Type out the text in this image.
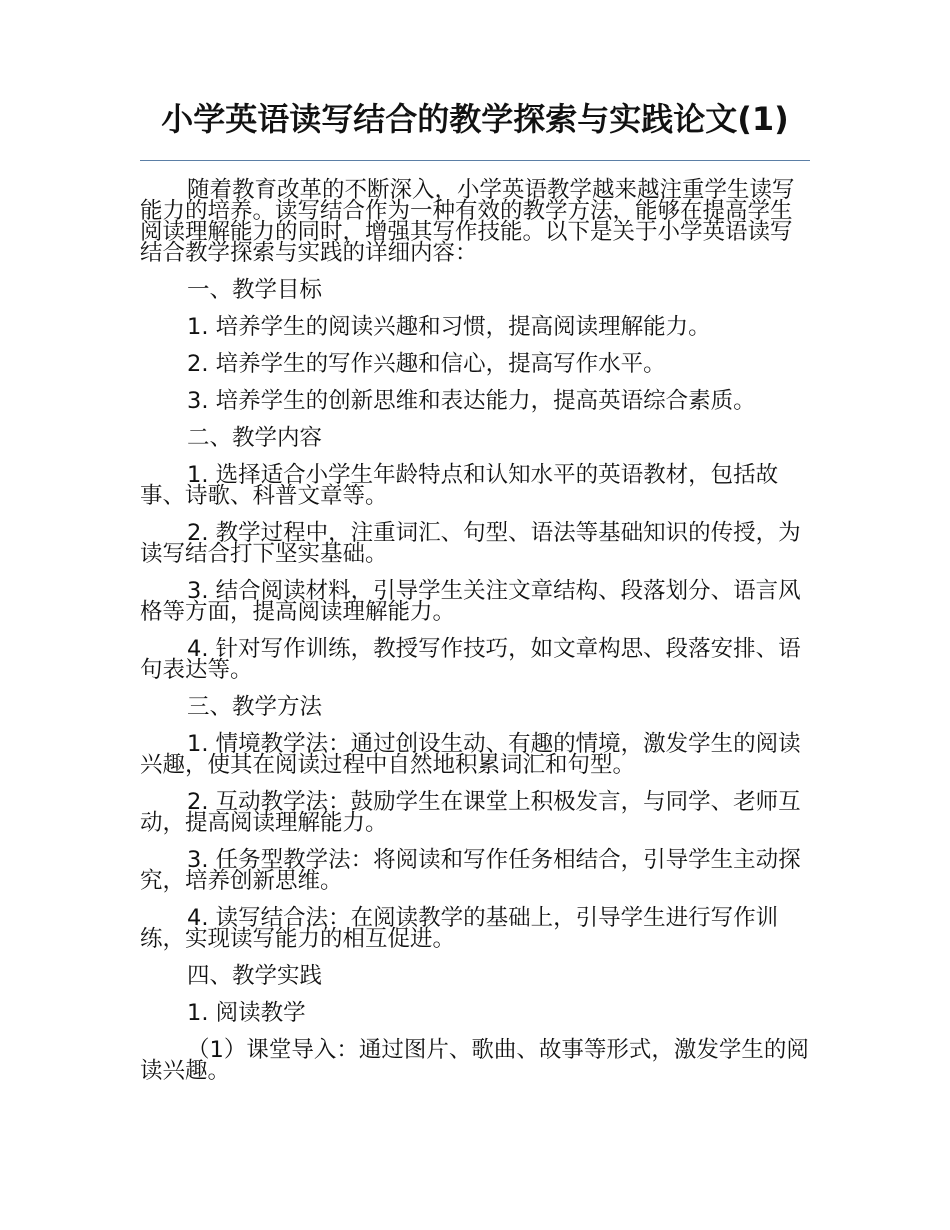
小学英语读写结合的教学探索与实践论文(1)

随着教育改革的不断深入，小学英语教学越来越注重学生读写能力的培养。读写结合作为一种有效的教学方法，能够在提高学生阅读理解能力的同时，增强其写作技能。以下是关于小学英语读写结合教学探索与实践的详细内容：

一、教学目标

1. 培养学生的阅读兴趣和习惯，提高阅读理解能力。

2. 培养学生的写作兴趣和信心，提高写作水平。

3. 培养学生的创新思维和表达能力，提高英语综合素质。

二、教学内容

1. 选择适合小学生年龄特点和认知水平的英语教材，包括故事、诗歌、科普文章等。

2. 教学过程中，注重词汇、句型、语法等基础知识的传授，为读写结合打下坚实基础。

3. 结合阅读材料，引导学生关注文章结构、段落划分、语言风格等方面，提高阅读理解能力。

4. 针对写作训练，教授写作技巧，如文章构思、段落安排、语句表达等。

三、教学方法

1. 情境教学法：通过创设生动、有趣的情境，激发学生的阅读兴趣，使其在阅读过程中自然地积累词汇和句型。

2. 互动教学法：鼓励学生在课堂上积极发言，与同学、老师互动，提高阅读理解能力。

3. 任务型教学法：将阅读和写作任务相结合，引导学生主动探究，培养创新思维。

4. 读写结合法：在阅读教学的基础上，引导学生进行写作训练，实现读写能力的相互促进。

四、教学实践

1. 阅读教学

（1）课堂导入：通过图片、歌曲、故事等形式，激发学生的阅读兴趣。
